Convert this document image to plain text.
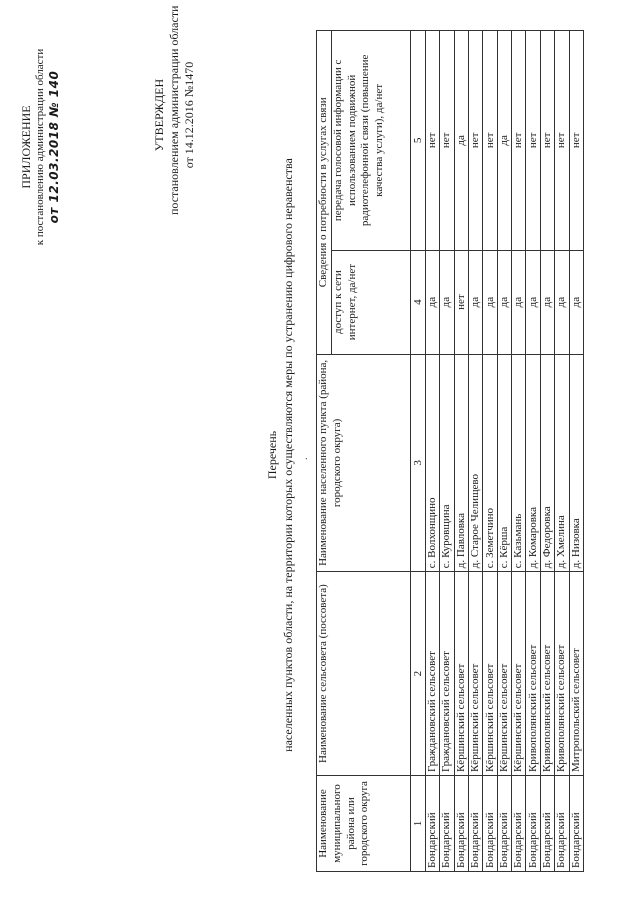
ПРИЛОЖЕНИЕ к постановлению администрации области от 12.03.2018 № 140	УТВЕРЖДЕН постановлением администрации области от 14.12.2016 №1470
Перечень населенных пунктов области, на территории которых осуществляются меры по устранению цифрового неравенства .
Наименование муниципального района или городского округа	Наименование сельсовета (поссовета)	Наименование населенного пункта (района, городского округа)	Сведения о потребности в услугах связи	
			доступ к сети интернет, да/нет	передача голосовой информации с использованием подвижной радиотелефонной связи (повышение качества услуги), да/нет
1	2	3	4	5
Бондарский	Граждановский сельсовет	с. Волхонщино	да	нет
Бондарский	Граждановский сельсовет	с. Куровщина	да	нет
Бондарский	Кёршинский сельсовет	д. Павловка	нет	да
Бондарский	Кёршинский сельсовет	д. Старое Челищево	да	нет
Бондарский	Кёршинский сельсовет	с. Земетчино	да	нет
Бондарский	Кёршинский сельсовет	с. Кёрша	да	да
Бондарский	Кёршинский сельсовет	с. Казьмань	да	нет
Бондарский	Кривополянский сельсовет	д. Комаровка	да	нет
Бондарский	Кривополянский сельсовет	д. Федоровка	да	нет
Бондарский	Кривополянский сельсовет	д. Хмелина	да	нет
Бондарский	Митропольский сельсовет	д. Низовка	да	нет
